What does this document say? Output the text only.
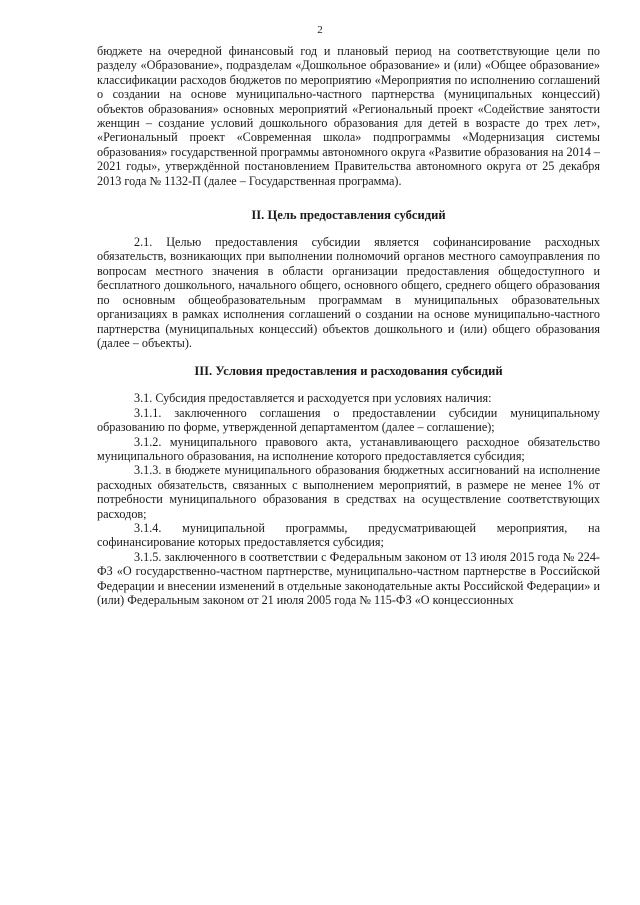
2

бюджете на очередной финансовый год и плановый период на соответствующие цели по разделу «Образование», подразделам «Дошкольное образование» и (или) «Общее образование» классификации расходов бюджетов по мероприятию «Мероприятия по исполнению соглашений о создании на основе муниципально-частного партнерства (муниципальных концессий) объектов образования» основных мероприятий «Региональный проект «Содействие занятости женщин – создание условий дошкольного образования для детей в возрасте до трех лет», «Региональный проект «Современная школа» подпрограммы «Модернизация системы образования» государственной программы автономного округа «Развитие образования на 2014 – 2021 годы», утверждённой постановлением Правительства автономного округа от 25 декабря 2013 года № 1132-П (далее – Государственная программа).

II. Цель предоставления субсидий

2.1. Целью предоставления субсидии является софинансирование расходных обязательств, возникающих при выполнении полномочий органов местного самоуправления по вопросам местного значения в области организации предоставления общедоступного и бесплатного дошкольного, начального общего, основного общего, среднего общего образования по основным общеобразовательным программам в муниципальных образовательных организациях в рамках исполнения соглашений о создании на основе муниципально-частного партнерства (муниципальных концессий) объектов дошкольного и (или) общего образования (далее – объекты).

III. Условия предоставления и расходования субсидий

3.1. Субсидия предоставляется и расходуется при условиях наличия:

3.1.1. заключенного соглашения о предоставлении субсидии муниципальному образованию по форме, утвержденной департаментом (далее – соглашение);

3.1.2. муниципального правового акта, устанавливающего расходное обязательство муниципального образования, на исполнение которого предоставляется субсидия;

3.1.3. в бюджете муниципального образования бюджетных ассигнований на исполнение расходных обязательств, связанных с выполнением мероприятий, в размере не менее 1% от потребности муниципального образования в средствах на осуществление соответствующих расходов;

3.1.4. муниципальной программы, предусматривающей мероприятия, на софинансирование которых предоставляется субсидия;

3.1.5. заключенного в соответствии с Федеральным законом от 13 июля 2015 года № 224-ФЗ «О государственно-частном партнерстве, муниципально-частном партнерстве в Российской Федерации и внесении изменений в отдельные законодательные акты Российской Федерации» и (или) Федеральным законом от 21 июля 2005 года № 115-ФЗ «О концессионных
